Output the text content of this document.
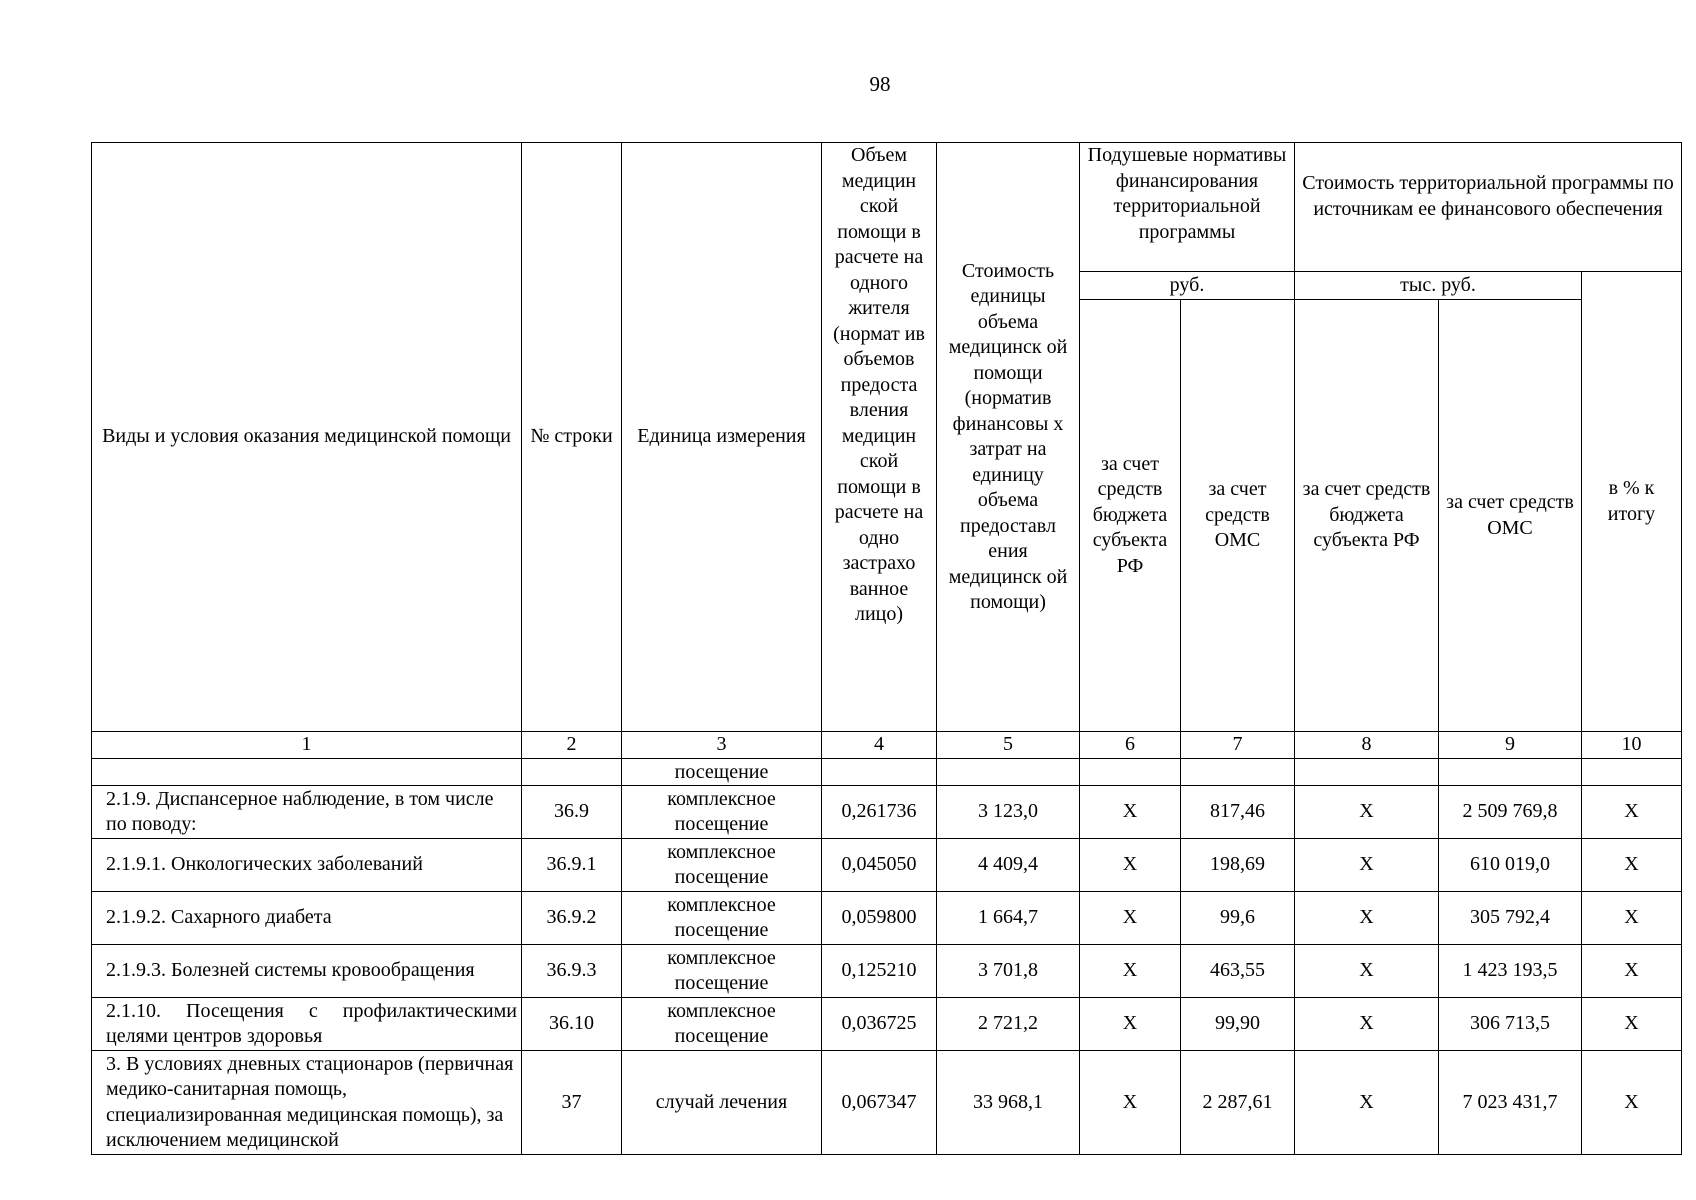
98
Виды и условия оказания медицинской помощи	№ строки	Единица измерения	Объем медицин ской помощи в расчете на одного жителя (нормат ив объемов предоста вления медицин ской помощи в расчете на одно застрахо ванное лицо)	Стоимость единицы объема медицинск ой помощи (норматив финансовы х затрат на единицу объема предоставл ения медицинск ой помощи)	Подушевые нормативы финансирования территориальной программы		Стоимость территориальной программы по источникам ее финансового обеспечения		
					руб.		тыс. руб.		в % к итогу
					за счет средств бюджета субъекта РФ	за счет средств ОМС	за счет средств бюджета субъекта РФ	за счет средств ОМС	
1	2	3	4	5	6	7	8	9	10
		посещение							
2.1.9. Диспансерное наблюдение, в том числе по поводу:	36.9	комплексное посещение	0,261736	3 123,0	Х	817,46	Х	2 509 769,8	Х
2.1.9.1. Онкологических заболеваний	36.9.1	комплексное посещение	0,045050	4 409,4	Х	198,69	Х	610 019,0	Х
2.1.9.2. Сахарного диабета	36.9.2	комплексное посещение	0,059800	1 664,7	Х	99,6	Х	305 792,4	Х
2.1.9.3. Болезней системы кровообращения	36.9.3	комплексное посещение	0,125210	3 701,8	Х	463,55	Х	1 423 193,5	Х
2.1.10. Посещения с профилактическими целями центров здоровья	36.10	комплексное посещение	0,036725	2 721,2	Х	99,90	Х	306 713,5	Х
3. В условиях дневных стационаров (первичная медико-санитарная помощь, специализированная медицинская помощь), за исключением медицинской	37	случай лечения	0,067347	33 968,1	Х	2 287,61	Х	7 023 431,7	Х
